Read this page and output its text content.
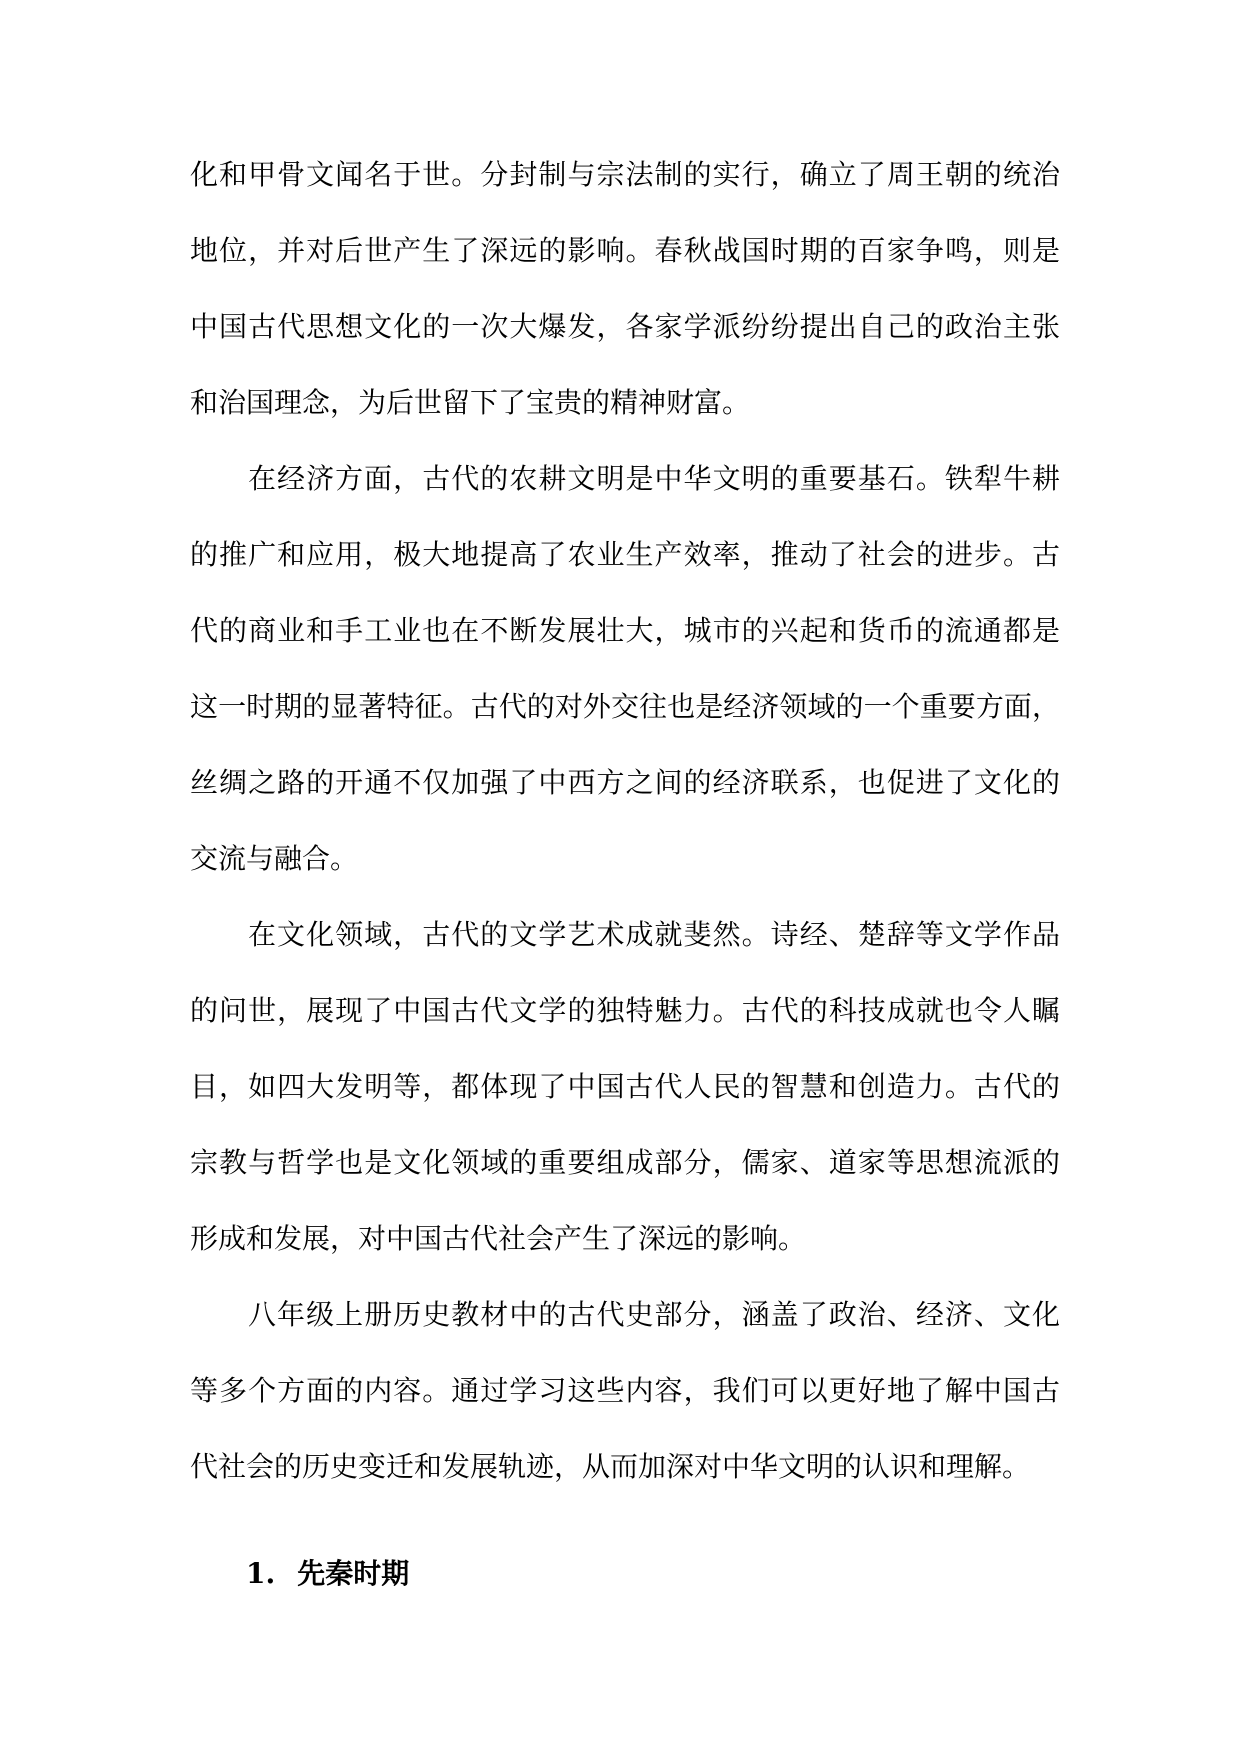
化和甲骨文闻名于世。分封制与宗法制的实行，确立了周王朝的统治
地位，并对后世产生了深远的影响。春秋战国时期的百家争鸣，则是
中国古代思想文化的一次大爆发，各家学派纷纷提出自己的政治主张
和治国理念，为后世留下了宝贵的精神财富。
在经济方面，古代的农耕文明是中华文明的重要基石。铁犁牛耕
的推广和应用，极大地提高了农业生产效率，推动了社会的进步。古
代的商业和手工业也在不断发展壮大，城市的兴起和货币的流通都是
这一时期的显著特征。古代的对外交往也是经济领域的一个重要方面，
丝绸之路的开通不仅加强了中西方之间的经济联系，也促进了文化的
交流与融合。
在文化领域，古代的文学艺术成就斐然。诗经、楚辞等文学作品
的问世，展现了中国古代文学的独特魅力。古代的科技成就也令人瞩
目，如四大发明等，都体现了中国古代人民的智慧和创造力。古代的
宗教与哲学也是文化领域的重要组成部分，儒家、道家等思想流派的
形成和发展，对中国古代社会产生了深远的影响。
八年级上册历史教材中的古代史部分，涵盖了政治、经济、文化
等多个方面的内容。通过学习这些内容，我们可以更好地了解中国古
代社会的历史变迁和发展轨迹，从而加深对中华文明的认识和理解。
1. 先秦时期
